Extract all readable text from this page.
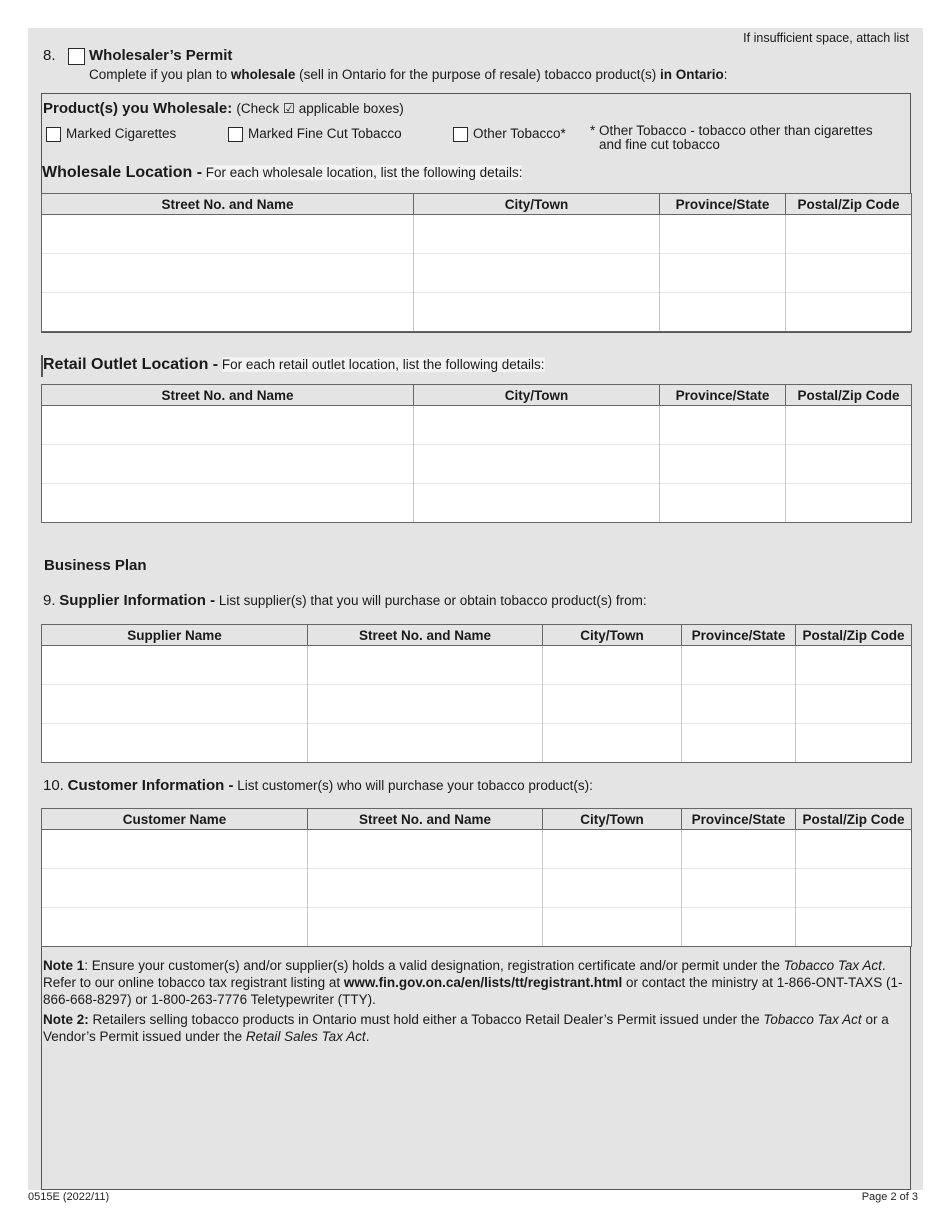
If insufficient space, attach list
8. Wholesaler’s Permit
Complete if you plan to wholesale (sell in Ontario for the purpose of resale) tobacco product(s) in Ontario:
Product(s) you Wholesale: (Check ☑ applicable boxes)
Marked Cigarettes	Marked Fine Cut Tobacco	Other Tobacco* * Other Tobacco - tobacco other than cigarettes
and fine cut tobacco
Wholesale Location - For each wholesale location, list the following details:
Street No. and Name	City/Town	Province/State	Postal/Zip Code

Retail Outlet Location - For each retail outlet location, list the following details:
Street No. and Name	City/Town	Province/State	Postal/Zip Code

Business Plan
9. Supplier Information - List supplier(s) that you will purchase or obtain tobacco product(s) from:
Supplier Name	Street No. and Name	City/Town	Province/State	Postal/Zip Code

10. Customer Information - List customer(s) who will purchase your tobacco product(s):
Customer Name	Street No. and Name	City/Town	Province/State	Postal/Zip Code

Note 1: Ensure your customer(s) and/or supplier(s) holds a valid designation, registration certificate and/or permit under the Tobacco Tax Act. Refer to our online tobacco tax registrant listing at www.fin.gov.on.ca/en/lists/tt/registrant.html or contact the ministry at 1-866-ONT-TAXS (1-866-668-8297) or 1-800-263-7776 Teletypewriter (TTY).
Note 2: Retailers selling tobacco products in Ontario must hold either a Tobacco Retail Dealer’s Permit issued under the Tobacco Tax Act or a Vendor’s Permit issued under the Retail Sales Tax Act.
0515E (2022/11)	Page 2 of 3
